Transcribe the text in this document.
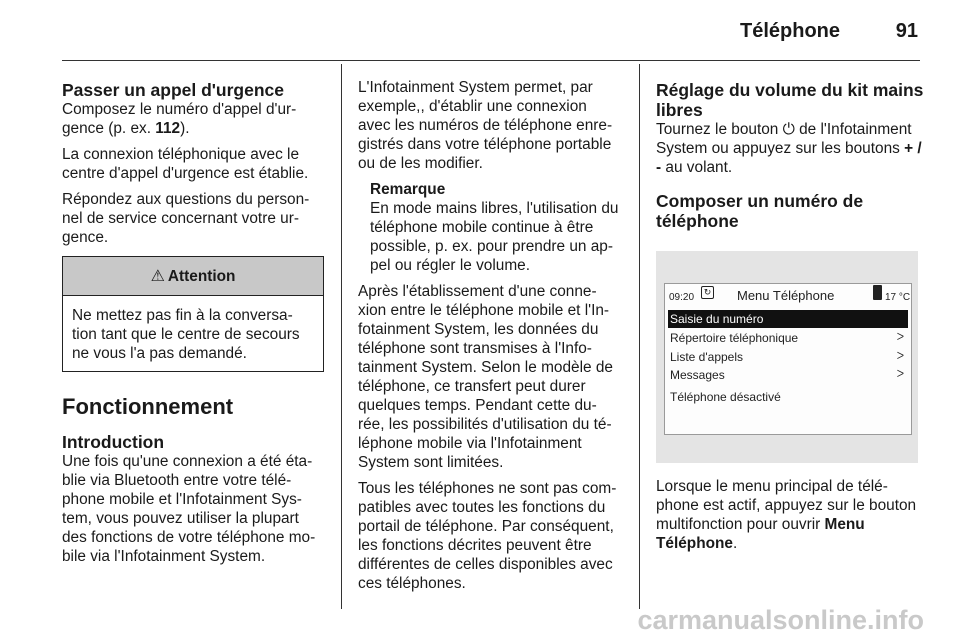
Téléphone	91
Passer un appel d'urgence

Composez le numéro d'appel d'ur-gence (p. ex. 112).

La connexion téléphonique avec le centre d'appel d'urgence est établie.

Répondez aux questions du person-nel de service concernant votre ur-gence.

⚠ Attention
Ne mettez pas fin à la conversa-tion tant que le centre de secours ne vous l'a pas demandé.
Fonctionnement
Introduction

Une fois qu'une connexion a été éta-blie via Bluetooth entre votre télé-phone mobile et l'Infotainment Sys-tem, vous pouvez utiliser la plupart des fonctions de votre téléphone mo-bile via l'Infotainment System.

L'Infotainment System permet, par exemple,, d'établir une connexion avec les numéros de téléphone enre-gistrés dans votre téléphone portable ou de les modifier.

Remarque

En mode mains libres, l'utilisation du téléphone mobile continue à être possible, p. ex. pour prendre un ap-pel ou régler le volume.

Après l'établissement d'une conne-xion entre le téléphone mobile et l'In-fotainment System, les données du téléphone sont transmises à l'Info-tainment System. Selon le modèle de téléphone, ce transfert peut durer quelques temps. Pendant cette du-rée, les possibilités d'utilisation du té-léphone mobile via l'Infotainment System sont limitées.

Tous les téléphones ne sont pas com-patibles avec toutes les fonctions du portail de téléphone. Par conséquent, les fonctions décrites peuvent être différentes de celles disponibles avec ces téléphones.

Réglage du volume du kit mains libres

Tournez le bouton ⏻ de l'Infotainment System ou appuyez sur les boutons + / - au volant.

Composer un numéro de téléphone
09:20	↻ Menu Téléphone	17 °C
Saisie du numéro
Répertoire téléphonique	ᐳ
Liste d'appels	ᐳ
Messages	ᐳ
Téléphone désactivé

Lorsque le menu principal de télé-phone est actif, appuyez sur le bouton multifonction pour ouvrir Menu Téléphone.

carmanualsonline.info
